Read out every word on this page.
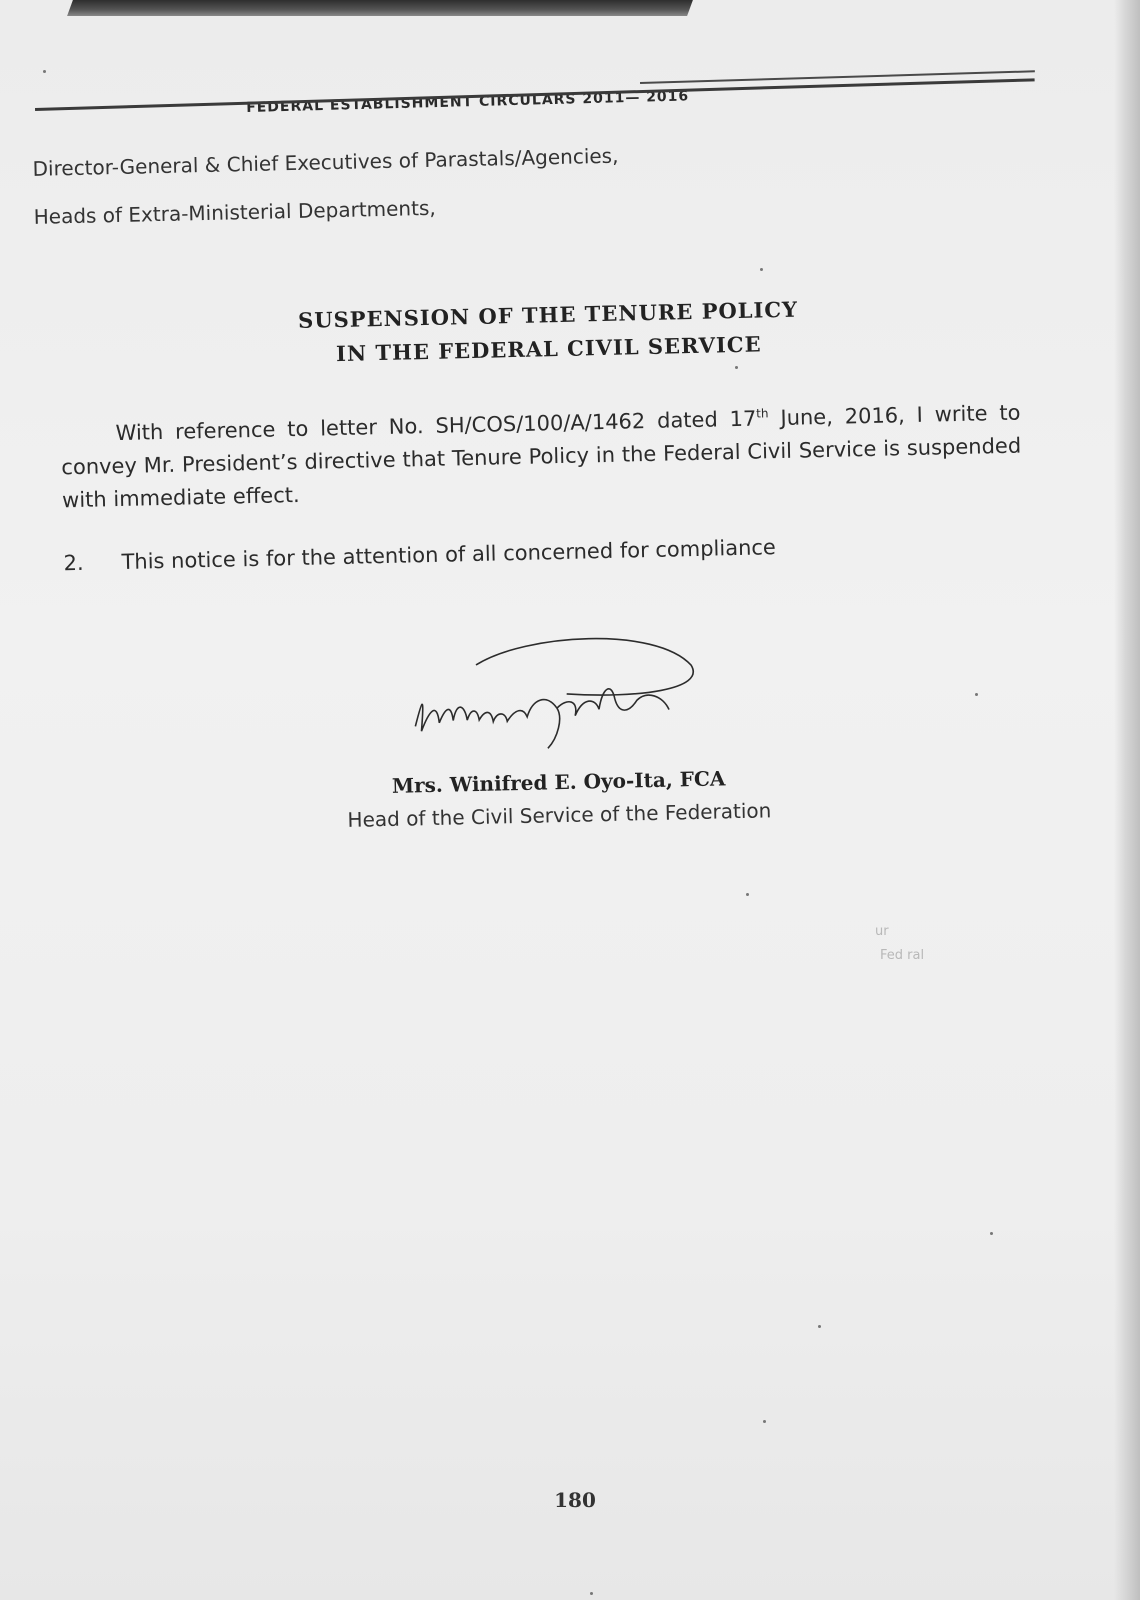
FEDERAL ESTABLISHMENT CIRCULARS 2011— 2016
Director-General & Chief Executives of Parastals/Agencies,
Heads of Extra-Ministerial Departments,
SUSPENSION OF THE TENURE POLICY
IN THE FEDERAL CIVIL SERVICE
With reference to letter No. SH/COS/100/A/1462 dated 17th June, 2016, I write to convey Mr. President’s directive that Tenure Policy in the Federal Civil Service is suspended with immediate effect.
2. This notice is for the attention of all concerned for compliance
Mrs. Winifred E. Oyo-Ita, FCA
Head of the Civil Service of the Federation
ur
Fed ral
180
